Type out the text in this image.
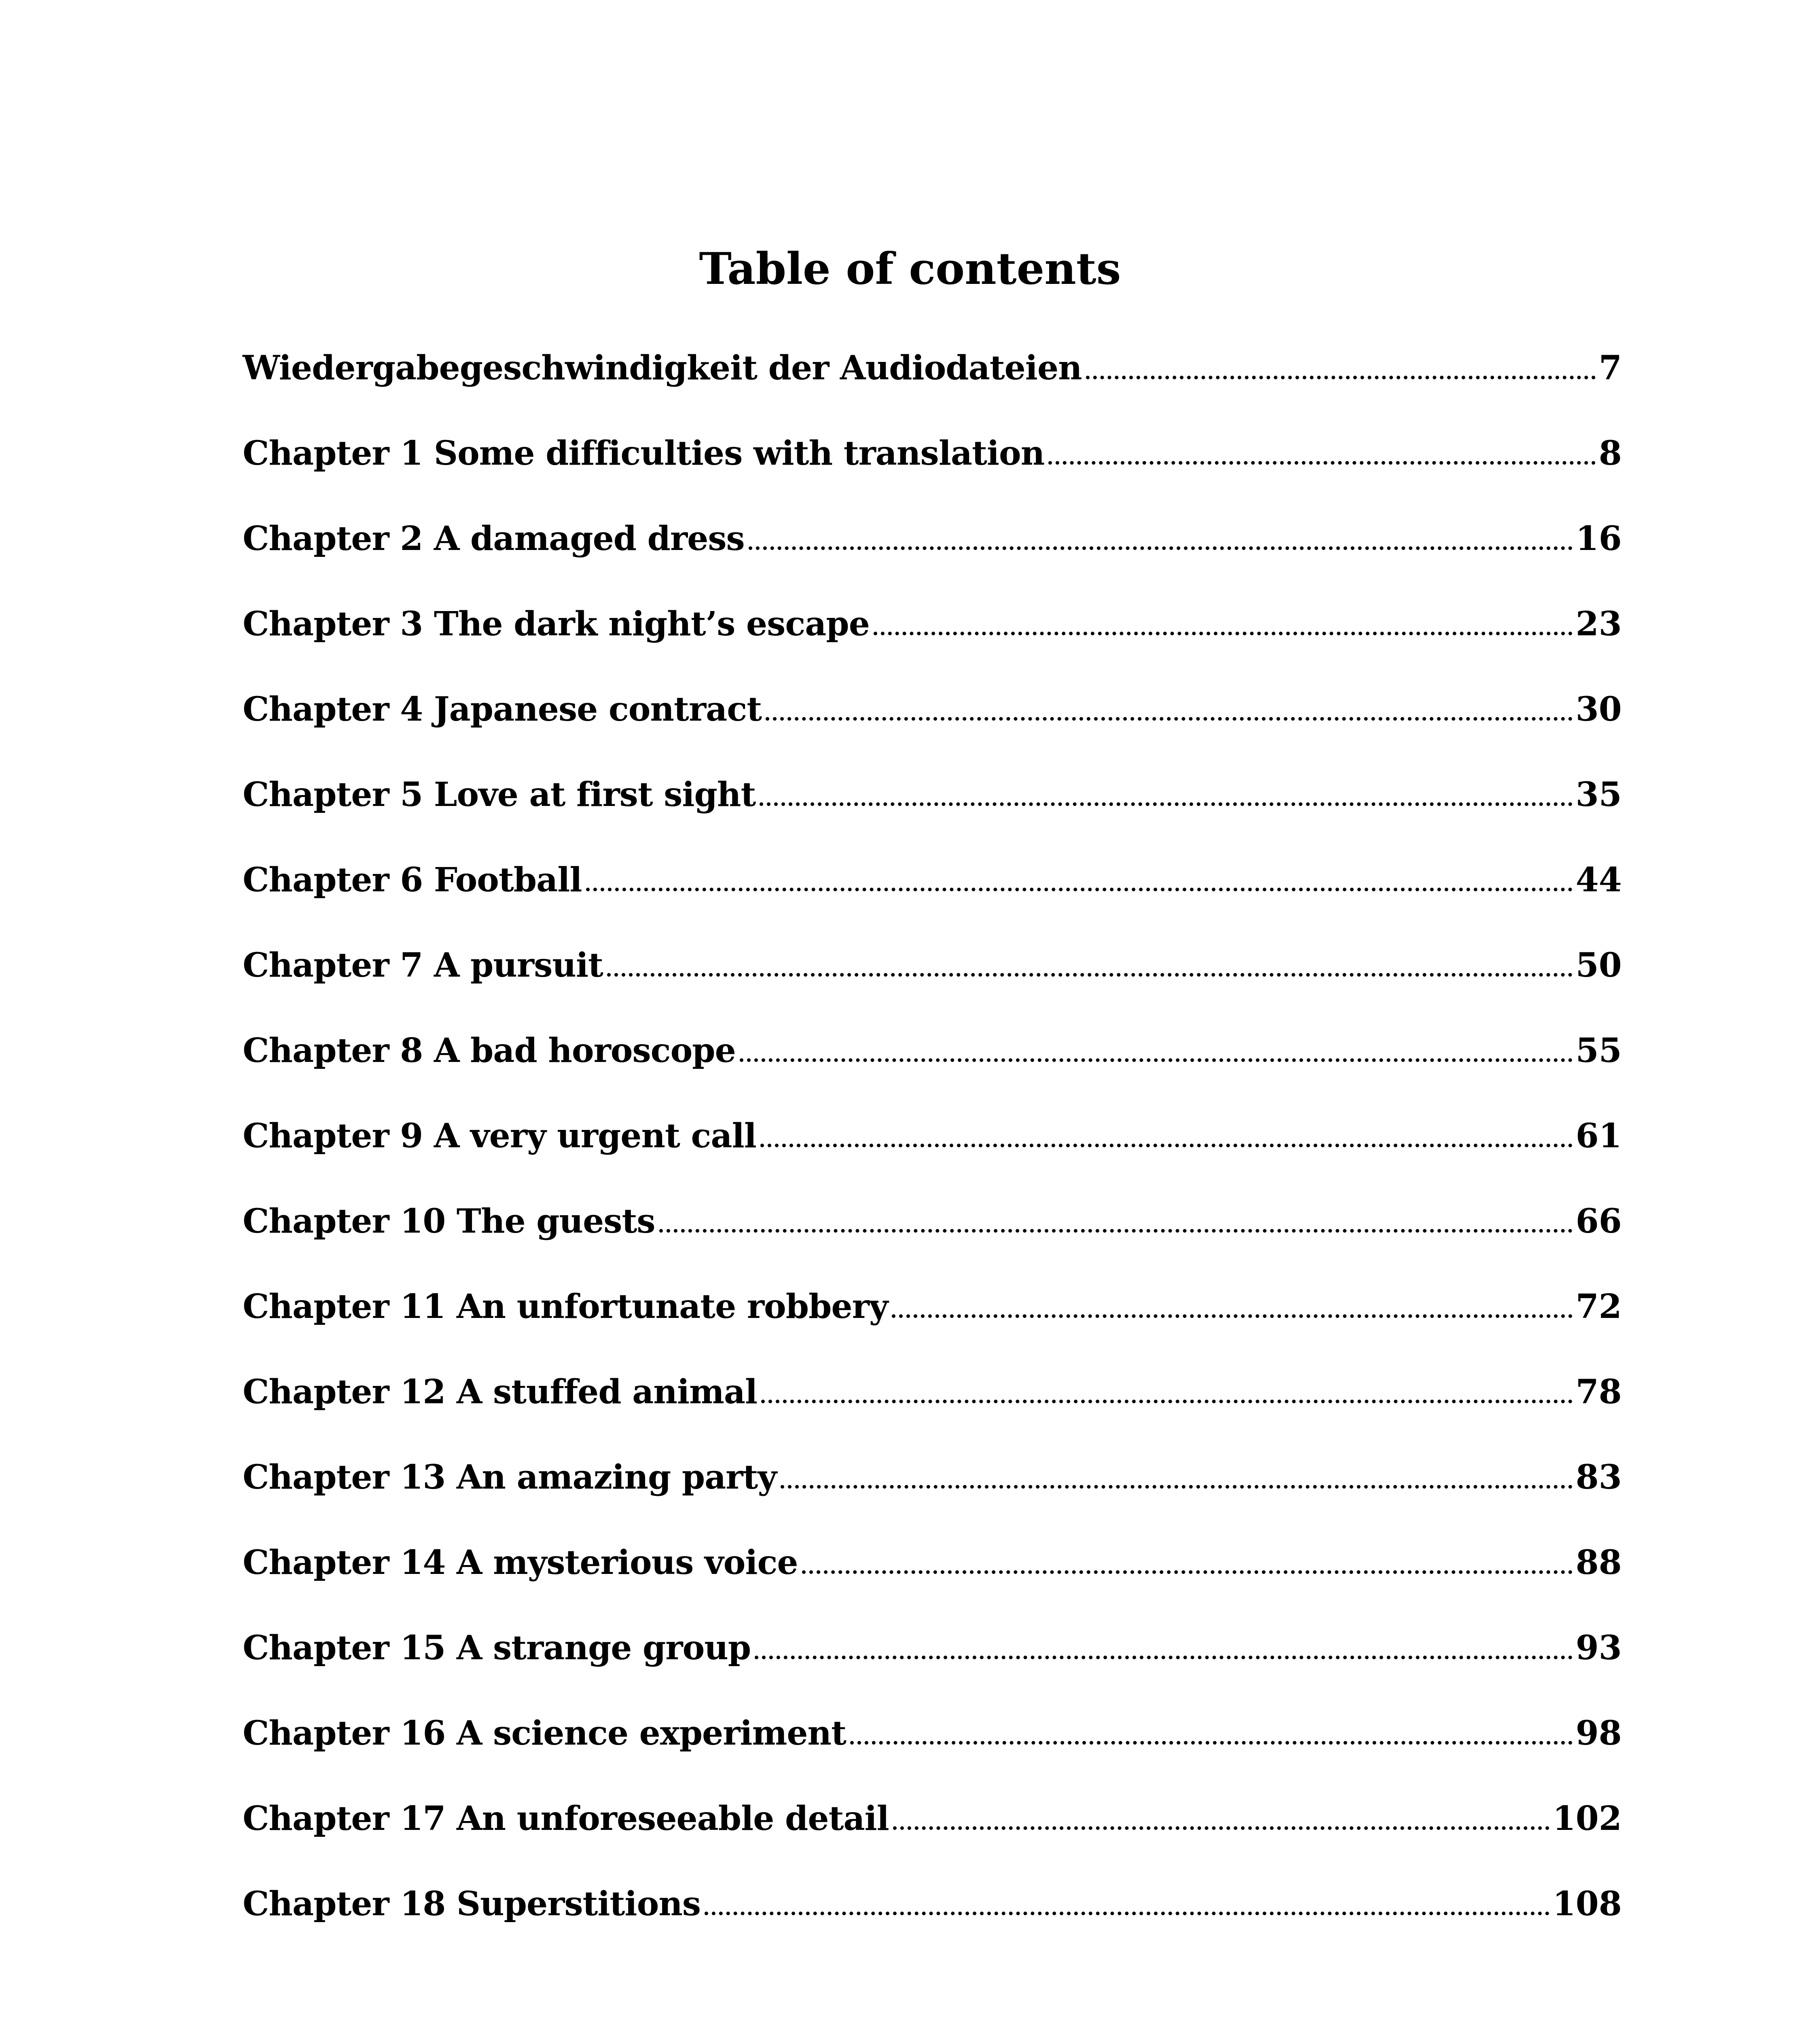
Table of contents
Wiedergabegeschwindigkeit der Audiodateien	7
Chapter 1 Some difficulties with translation	8
Chapter 2 A damaged dress	16
Chapter 3 The dark night’s escape	23
Chapter 4 Japanese contract	30
Chapter 5 Love at first sight	35
Chapter 6 Football	44
Chapter 7 A pursuit	50
Chapter 8 A bad horoscope	55
Chapter 9 A very urgent call	61
Chapter 10 The guests	66
Chapter 11 An unfortunate robbery	72
Chapter 12 A stuffed animal	78
Chapter 13 An amazing party	83
Chapter 14 A mysterious voice	88
Chapter 15 A strange group	93
Chapter 16 A science experiment	98
Chapter 17 An unforeseeable detail	102
Chapter 18 Superstitions	108
